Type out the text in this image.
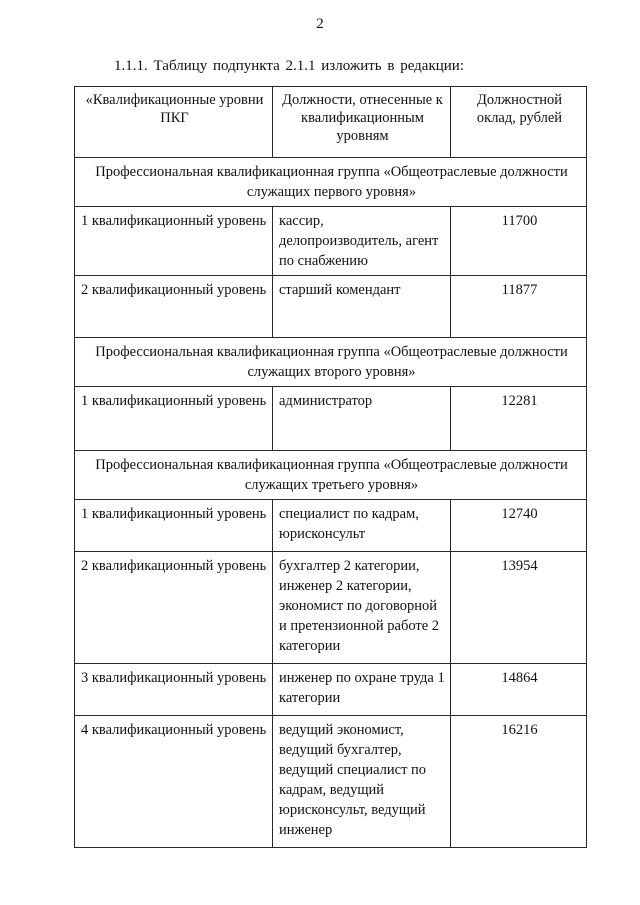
2
1.1.1. Таблицу подпункта 2.1.1 изложить в редакции:
«Квалификационные уровни ПКГ	Должности, отнесенные к квалификационным уровням	Должностной оклад, рублей
Профессиональная квалификационная группа «Общеотраслевые должности служащих первого уровня»		
1 квалификационный уровень	кассир, делопроизводитель, агент по снабжению	11700
2 квалификационный уровень	старший комендант	11877
Профессиональная квалификационная группа «Общеотраслевые должности служащих второго уровня»		
1 квалификационный уровень	администратор	12281
Профессиональная квалификационная группа «Общеотраслевые должности служащих третьего уровня»		
1 квалификационный уровень	специалист по кадрам, юрисконсульт	12740
2 квалификационный уровень	бухгалтер 2 категории, инженер 2 категории, экономист по договорной и претензионной работе 2 категории	13954
3 квалификационный уровень	инженер по охране труда 1 категории	14864
4 квалификационный уровень	ведущий экономист, ведущий бухгалтер, ведущий специалист по кадрам, ведущий юрисконсульт, ведущий инженер	16216
